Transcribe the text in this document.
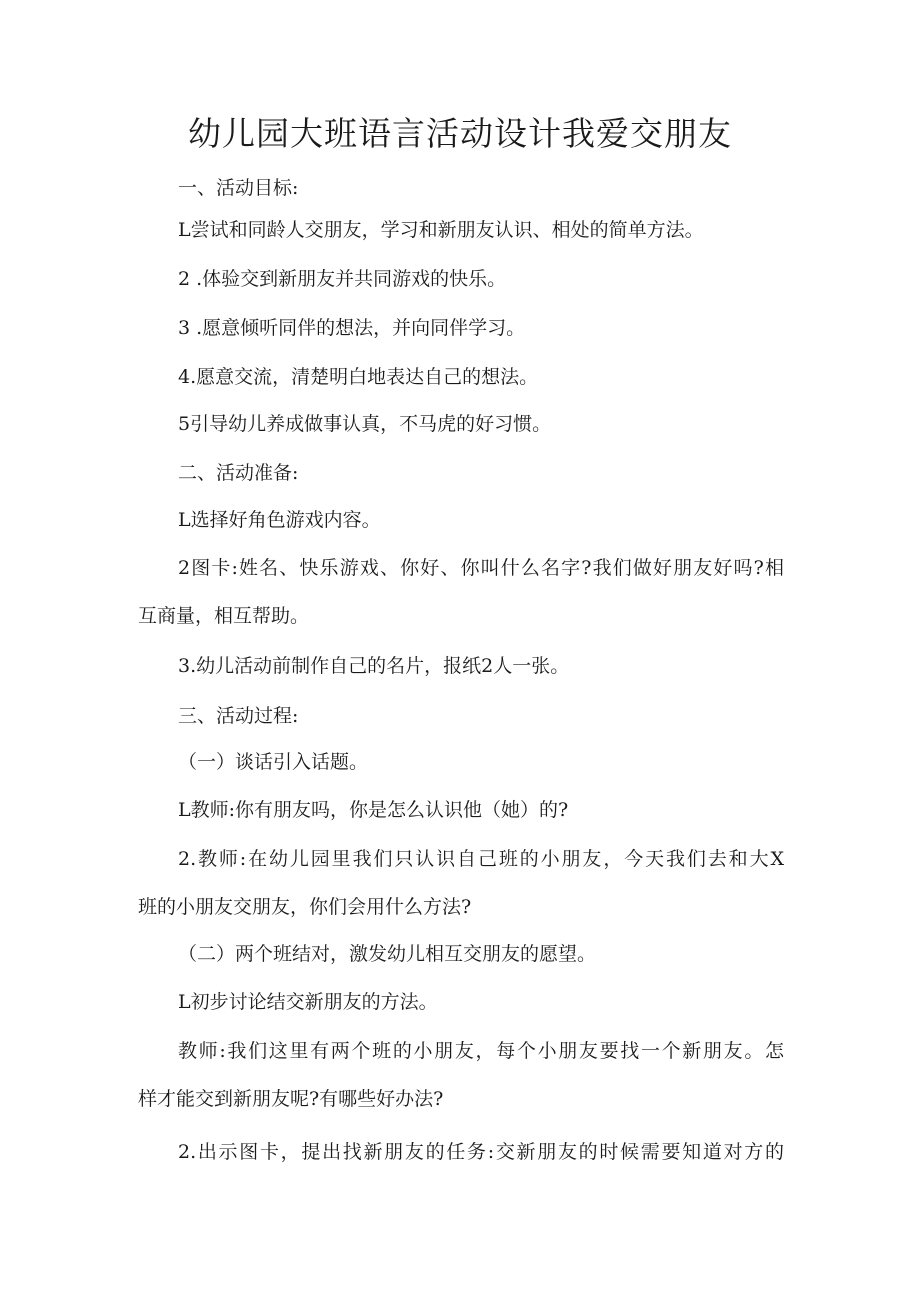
幼儿园大班语言活动设计我爱交朋友

一、活动目标:

L尝试和同龄人交朋友，学习和新朋友认识、相处的简单方法。

2 .体验交到新朋友并共同游戏的快乐。

3 .愿意倾听同伴的想法，并向同伴学习。

4.愿意交流，清楚明白地表达自己的想法。

5引导幼儿养成做事认真，不马虎的好习惯。

二、活动准备:

L选择好角色游戏内容。

2图卡:姓名、快乐游戏、你好、你叫什么名字?我们做好朋友好吗?相

互商量，相互帮助。

3.幼儿活动前制作自己的名片，报纸2人一张。

三、活动过程:

（一）谈话引入话题。

L教师:你有朋友吗，你是怎么认识他（她）的?

2.教师:在幼儿园里我们只认识自己班的小朋友，今天我们去和大X

班的小朋友交朋友，你们会用什么方法?

（二）两个班结对，激发幼儿相互交朋友的愿望。

L初步讨论结交新朋友的方法。

教师:我们这里有两个班的小朋友，每个小朋友要找一个新朋友。怎

样才能交到新朋友呢?有哪些好办法?

2.出示图卡，提出找新朋友的任务:交新朋友的时候需要知道对方的
